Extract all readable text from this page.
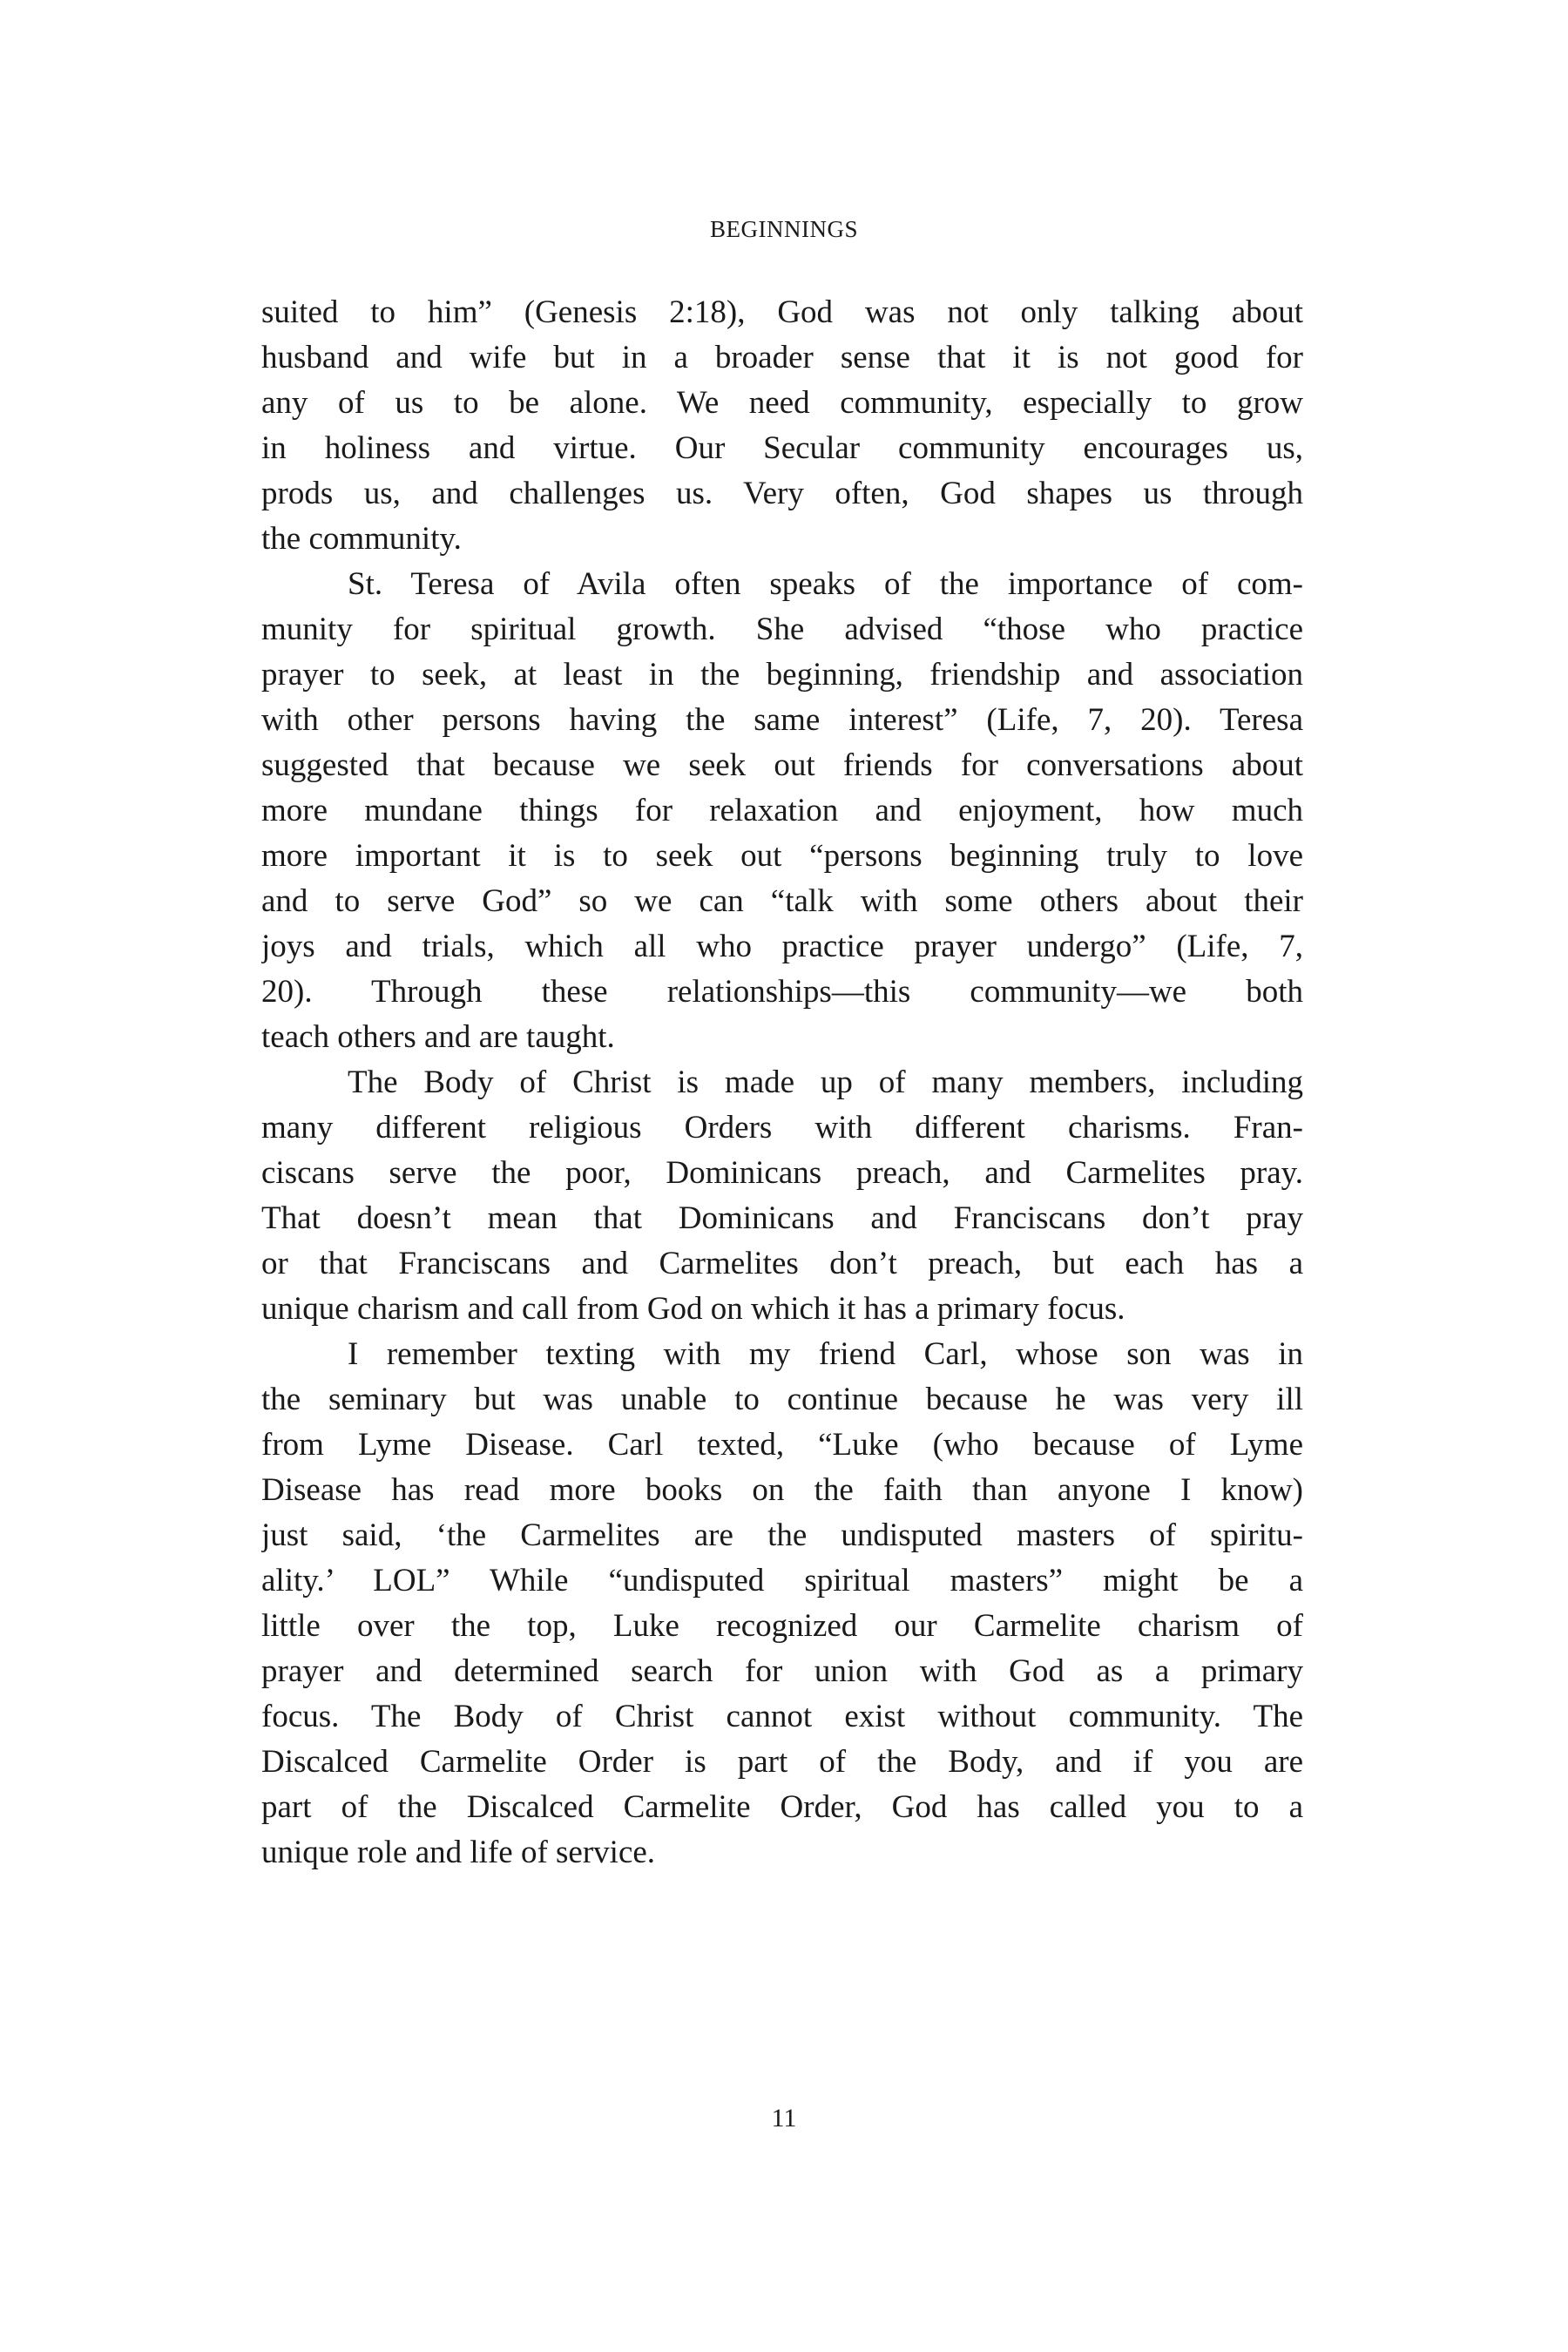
BEGINNINGS
suited to him” (Genesis 2:18), God was not only talking about
husband and wife but in a broader sense that it is not good for
any of us to be alone. We need community, especially to grow
in holiness and virtue. Our Secular community encourages us,
prods us, and challenges us. Very often, God shapes us through
the community.
St. Teresa of Avila often speaks of the importance of com-
munity for spiritual growth. She advised “those who practice
prayer to seek, at least in the beginning, friendship and association
with other persons having the same interest” (Life, 7, 20). Teresa
suggested that because we seek out friends for conversations about
more mundane things for relaxation and enjoyment, how much
more important it is to seek out “persons beginning truly to love
and to serve God” so we can “talk with some others about their
joys and trials, which all who practice prayer undergo” (Life, 7,
20). Through these relationships—this community—we both
teach others and are taught.
The Body of Christ is made up of many members, including
many different religious Orders with different charisms. Fran-
ciscans serve the poor, Dominicans preach, and Carmelites pray.
That doesn’t mean that Dominicans and Franciscans don’t pray
or that Franciscans and Carmelites don’t preach, but each has a
unique charism and call from God on which it has a primary focus.
I remember texting with my friend Carl, whose son was in
the seminary but was unable to continue because he was very ill
from Lyme Disease. Carl texted, “Luke (who because of Lyme
Disease has read more books on the faith than anyone I know)
just said, ‘the Carmelites are the undisputed masters of spiritu-
ality.’ LOL” While “undisputed spiritual masters” might be a
little over the top, Luke recognized our Carmelite charism of
prayer and determined search for union with God as a primary
focus. The Body of Christ cannot exist without community. The
Discalced Carmelite Order is part of the Body, and if you are
part of the Discalced Carmelite Order, God has called you to a
unique role and life of service.
11
